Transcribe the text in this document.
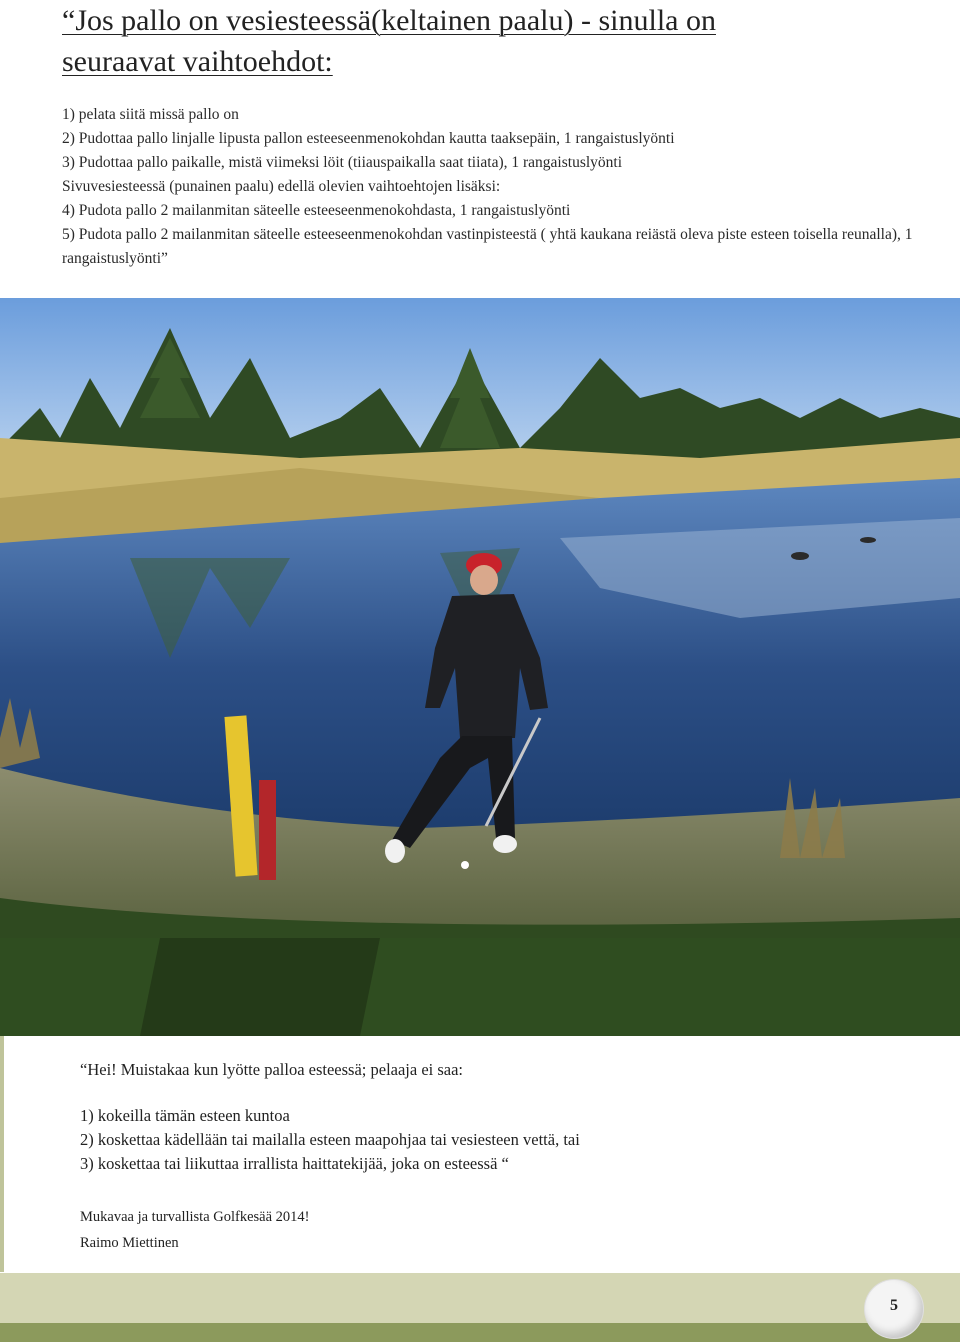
“Jos pallo on vesiesteessä(keltainen paalu) - sinulla on
seuraavat vaihtoehdot:
1) pelata siitä missä pallo on
2) Pudottaa pallo linjalle lipusta pallon esteeseenmenokohdan kautta taaksepäin, 1 rangaistuslyönti
3) Pudottaa pallo paikalle, mistä viimeksi löit (tiiauspaikalla saat tiiata), 1 rangaistuslyönti
Sivuvesiesteessä (punainen paalu) edellä olevien vaihtoehtojen lisäksi:
4) Pudota pallo 2 mailanmitan säteelle esteeseenmenokohdasta, 1 rangaistuslyönti
5) Pudota pallo 2 mailanmitan säteelle esteeseenmenokohdan vastinpisteestä ( yhtä kaukana reiästä oleva piste esteen toisella reunalla), 1 rangaistuslyönti”
“Hei! Muistakaa kun lyötte palloa esteessä; pelaaja ei saa:
1) kokeilla tämän esteen kuntoa
2) koskettaa kädellään tai mailalla esteen maapohjaa tai vesiesteen vettä, tai
3) koskettaa tai liikuttaa irrallista haittatekijää, joka on esteessä “
Mukavaa ja turvallista Golfkesää 2014!
Raimo Miettinen
5
